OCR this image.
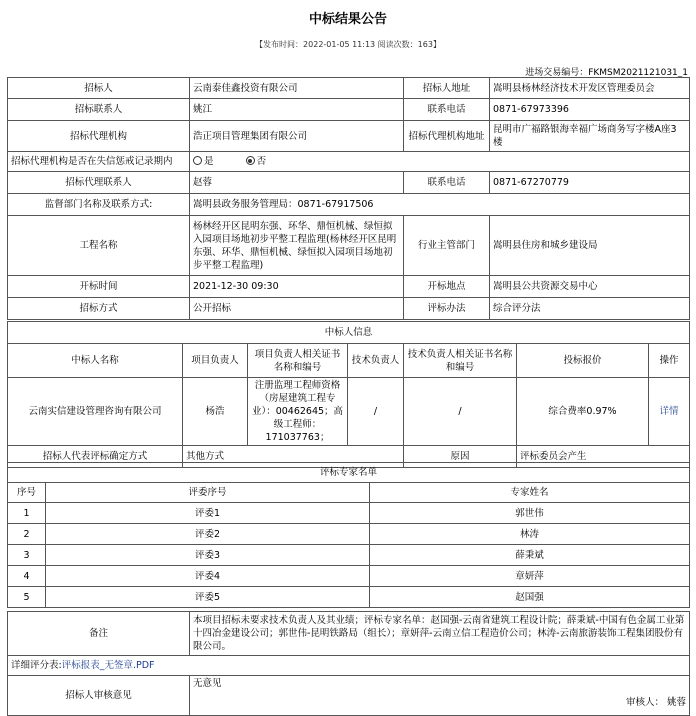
中标结果公告
【发布时间：2022-01-05 11:13 阅读次数：163】
进场交易编号：FKMSM2021121031_1
招标人	云南泰佳鑫投资有限公司	招标人地址	嵩明县杨林经济技术开发区管理委员会
招标联系人	姚江	联系电话	0871-67973396
招标代理机构	浩正项目管理集团有限公司	招标代理机构地址	昆明市广福路银海幸福广场商务写字楼A座3楼
招标代理机构是否在失信惩戒记录期内	是 否		
招标代理联系人	赵蓉	联系电话	0871-67270779
监督部门名称及联系方式:	嵩明县政务服务管理局：0871-67917506		
工程名称	杨林经开区昆明东强、环华、鼎恒机械、绿恒拟入园项目场地初步平整工程监理(杨林经开区昆明东强、环华、鼎恒机械、绿恒拟入园项目场地初步平整工程监理)	行业主管部门	嵩明县住房和城乡建设局
开标时间	2021-12-30 09:30	开标地点	嵩明县公共资源交易中心
招标方式	公开招标	评标办法	综合评分法
中标人信息						
中标人名称	项目负责人	项目负责人相关证书名称和编号	技术负责人	技术负责人相关证书名称和编号	投标报价	操作
云南实信建设管理咨询有限公司	杨浩	注册监理工程师资格（房屋建筑工程专业）：00462645；高级工程师：171037763；	/	/	综合费率0.97%	详情
招标人代表评标确定方式	其他方式			原因	评标委员会产生	
评标专家名单		
序号	评委序号	专家姓名
1	评委1	郭世伟
2	评委2	林涛
3	评委3	薛秉斌
4	评委4	章妍萍
5	评委5	赵国强
备注	本项目招标未要求技术负责人及其业绩；评标专家名单：赵国强-云南省建筑工程设计院；薛秉斌-中国有色金属工业第十四冶金建设公司；郭世伟-昆明铁路局（组长）；章妍萍-云南立信工程造价公司；林涛-云南旅游装饰工程集团股份有限公司。
详细评分表:评标报表_无签章.PDF	
招标人审核意见	无意见
审核人： 姚蓉
